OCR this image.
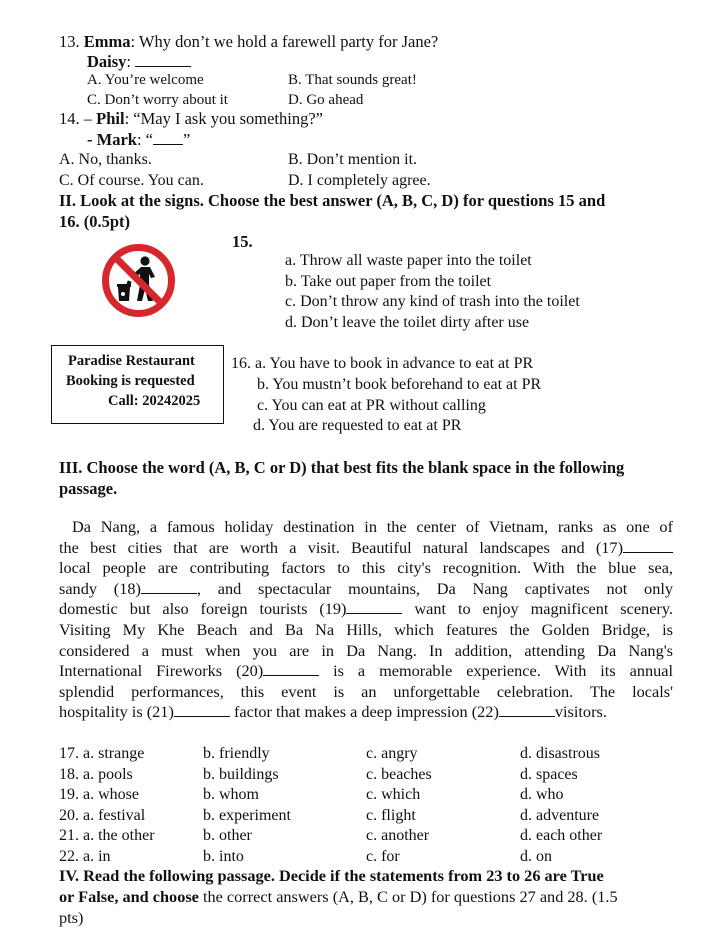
13. Emma: Why don’t we hold a farewell party for Jane?
Daisy:
A. You’re welcome	B. That sounds great!
C. Don’t worry about it	D. Go ahead
14. – Phil: “May I ask you something?”
- Mark: “ ”
A. No, thanks.	B. Don’t mention it.
C. Of course. You can.	D. I completely agree.
II. Look at the signs. Choose the best answer (A, B, C, D) for questions 15 and
16. (0.5pt)
15.
a. Throw all waste paper into the toilet
b. Take out paper from the toilet
c. Don’t throw any kind of trash into the toilet
d. Don’t leave the toilet dirty after use
Paradise Restaurant
Booking is requested
Call: 20242025
16. a. You have to book in advance to eat at PR
b. You mustn’t book beforehand to eat at PR
c. You can eat at PR without calling
d. You are requested to eat at PR
III. Choose the word (A, B, C or D) that best fits the blank space in the following
passage.
Da Nang, a famous holiday destination in the center of Vietnam, ranks as one of
the best cities that are worth a visit. Beautiful natural landscapes and (17)
local people are contributing factors to this city's recognition. With the blue sea,
sandy (18)	, and spectacular mountains, Da Nang captivates not only
domestic but also foreign tourists (19)	want to enjoy magnificent scenery.
Visiting My Khe Beach and Ba Na Hills, which features the Golden Bridge, is
considered a must when you are in Da Nang. In addition, attending Da Nang's
International Fireworks (20)	is a memorable experience. With its annual
splendid performances, this event is an unforgettable celebration. The locals'
hospitality is (21)	factor that makes a deep impression (22)	visitors.
17. a. strange	b. friendly	c. angry	d. disastrous
18. a. pools	b. buildings	c. beaches	d. spaces
19. a. whose	b. whom	c. which	d. who
20. a. festival	b. experiment	c. flight	d. adventure
21. a. the other	b. other	c. another	d. each other
22. a. in	b. into	c. for	d. on
IV. Read the following passage. Decide if the statements from 23 to 26 are True
or False, and choose the correct answers (A, B, C or D) for questions 27 and 28. (1.5
pts)
